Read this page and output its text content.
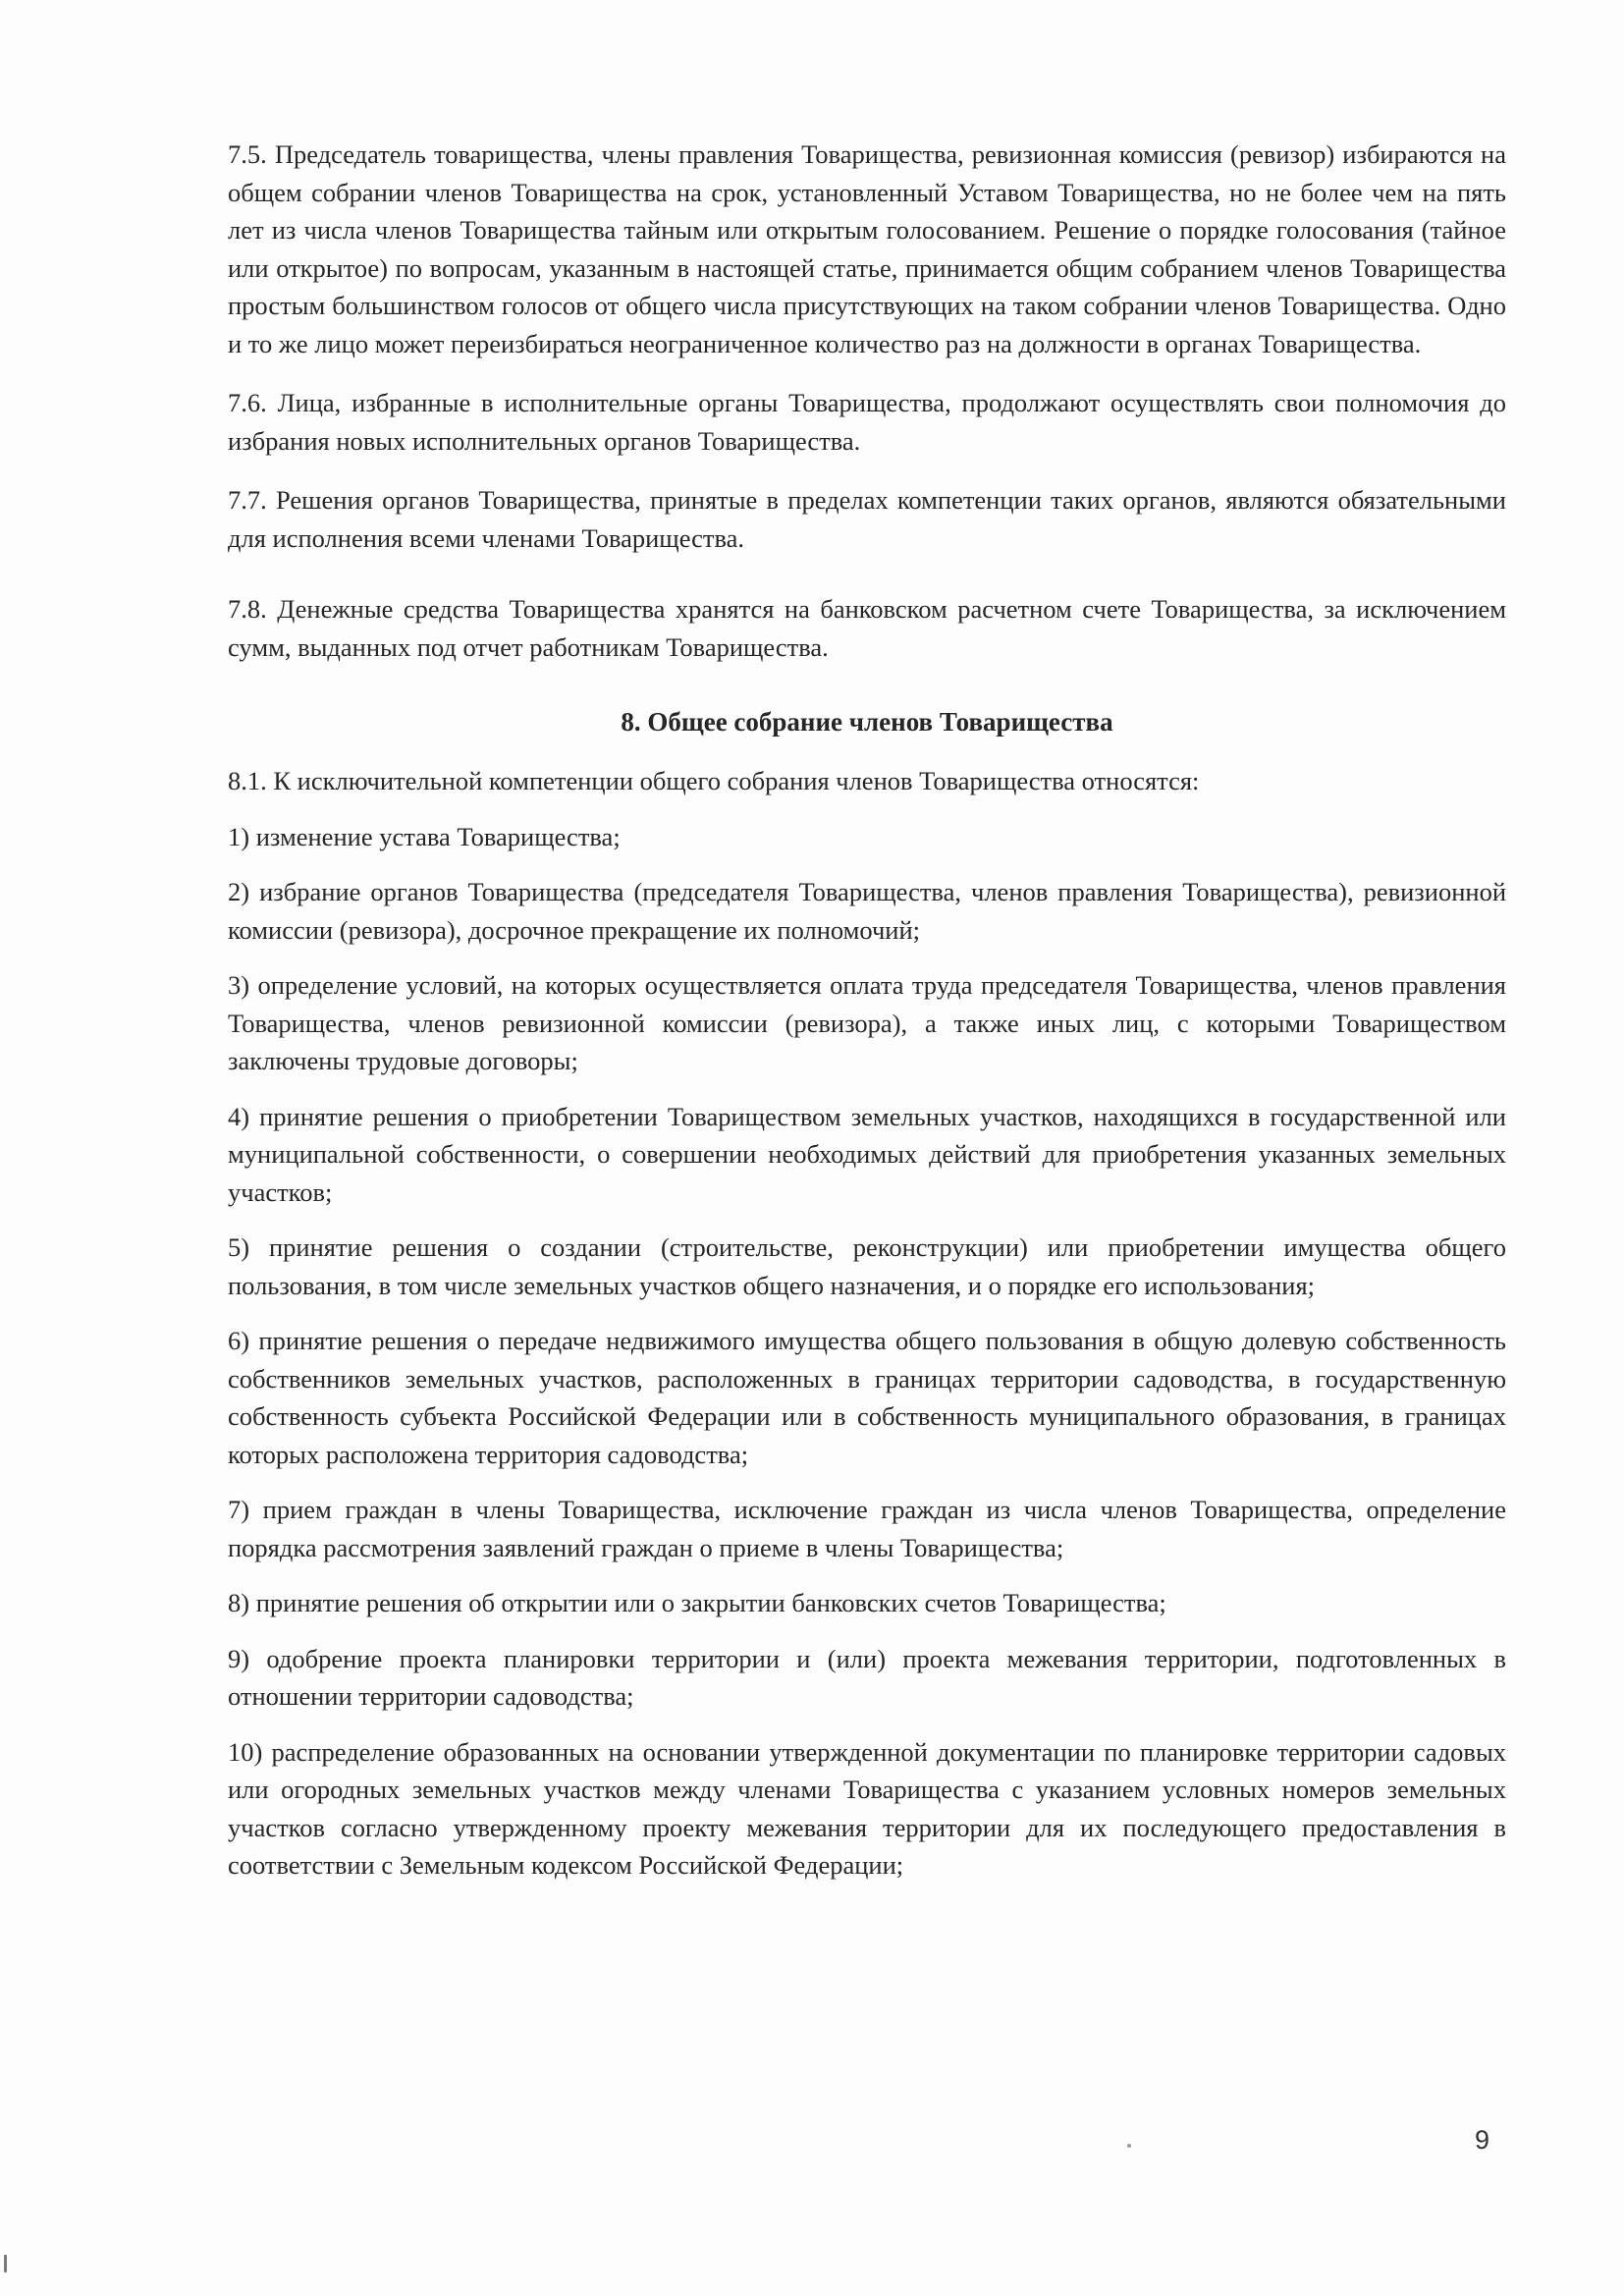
7.5. Председатель товарищества, члены правления Товарищества, ревизионная комиссия (ревизор) избираются на общем собрании членов Товарищества на срок, установленный Уставом Товарищества, но не более чем на пять лет из числа членов Товарищества тайным или открытым голосованием. Решение о порядке голосования (тайное или открытое) по вопросам, указанным в настоящей статье, принимается общим собранием членов Товарищества простым большинством голосов от общего числа присутствующих на таком собрании членов Товарищества. Одно и то же лицо может переизбираться неограниченное количество раз на должности в органах Товарищества.

7.6. Лица, избранные в исполнительные органы Товарищества, продолжают осуществлять свои полномочия до избрания новых исполнительных органов Товарищества.

7.7. Решения органов Товарищества, принятые в пределах компетенции таких органов, являются обязательными для исполнения всеми членами Товарищества.

7.8. Денежные средства Товарищества хранятся на банковском расчетном счете Товарищества, за исключением сумм, выданных под отчет работникам Товарищества.

8. Общее собрание членов Товарищества

8.1. К исключительной компетенции общего собрания членов Товарищества относятся:

1) изменение устава Товарищества;

2) избрание органов Товарищества (председателя Товарищества, членов правления Товарищества), ревизионной комиссии (ревизора), досрочное прекращение их полномочий;

3) определение условий, на которых осуществляется оплата труда председателя Товарищества, членов правления Товарищества, членов ревизионной комиссии (ревизора), а также иных лиц, с которыми Товариществом заключены трудовые договоры;

4) принятие решения о приобретении Товариществом земельных участков, находящихся в государственной или муниципальной собственности, о совершении необходимых действий для приобретения указанных земельных участков;

5) принятие решения о создании (строительстве, реконструкции) или приобретении имущества общего пользования, в том числе земельных участков общего назначения, и о порядке его использования;

6) принятие решения о передаче недвижимого имущества общего пользования в общую долевую собственность собственников земельных участков, расположенных в границах территории садоводства, в государственную собственность субъекта Российской Федерации или в собственность муниципального образования, в границах которых расположена территория садоводства;

7) прием граждан в члены Товарищества, исключение граждан из числа членов Товарищества, определение порядка рассмотрения заявлений граждан о приеме в члены Товарищества;

8) принятие решения об открытии или о закрытии банковских счетов Товарищества;

9) одобрение проекта планировки территории и (или) проекта межевания территории, подготовленных в отношении территории садоводства;

10) распределение образованных на основании утвержденной документации по планировке территории садовых или огородных земельных участков между членами Товарищества с указанием условных номеров земельных участков согласно утвержденному проекту межевания территории для их последующего предоставления в соответствии с Земельным кодексом Российской Федерации;

9
